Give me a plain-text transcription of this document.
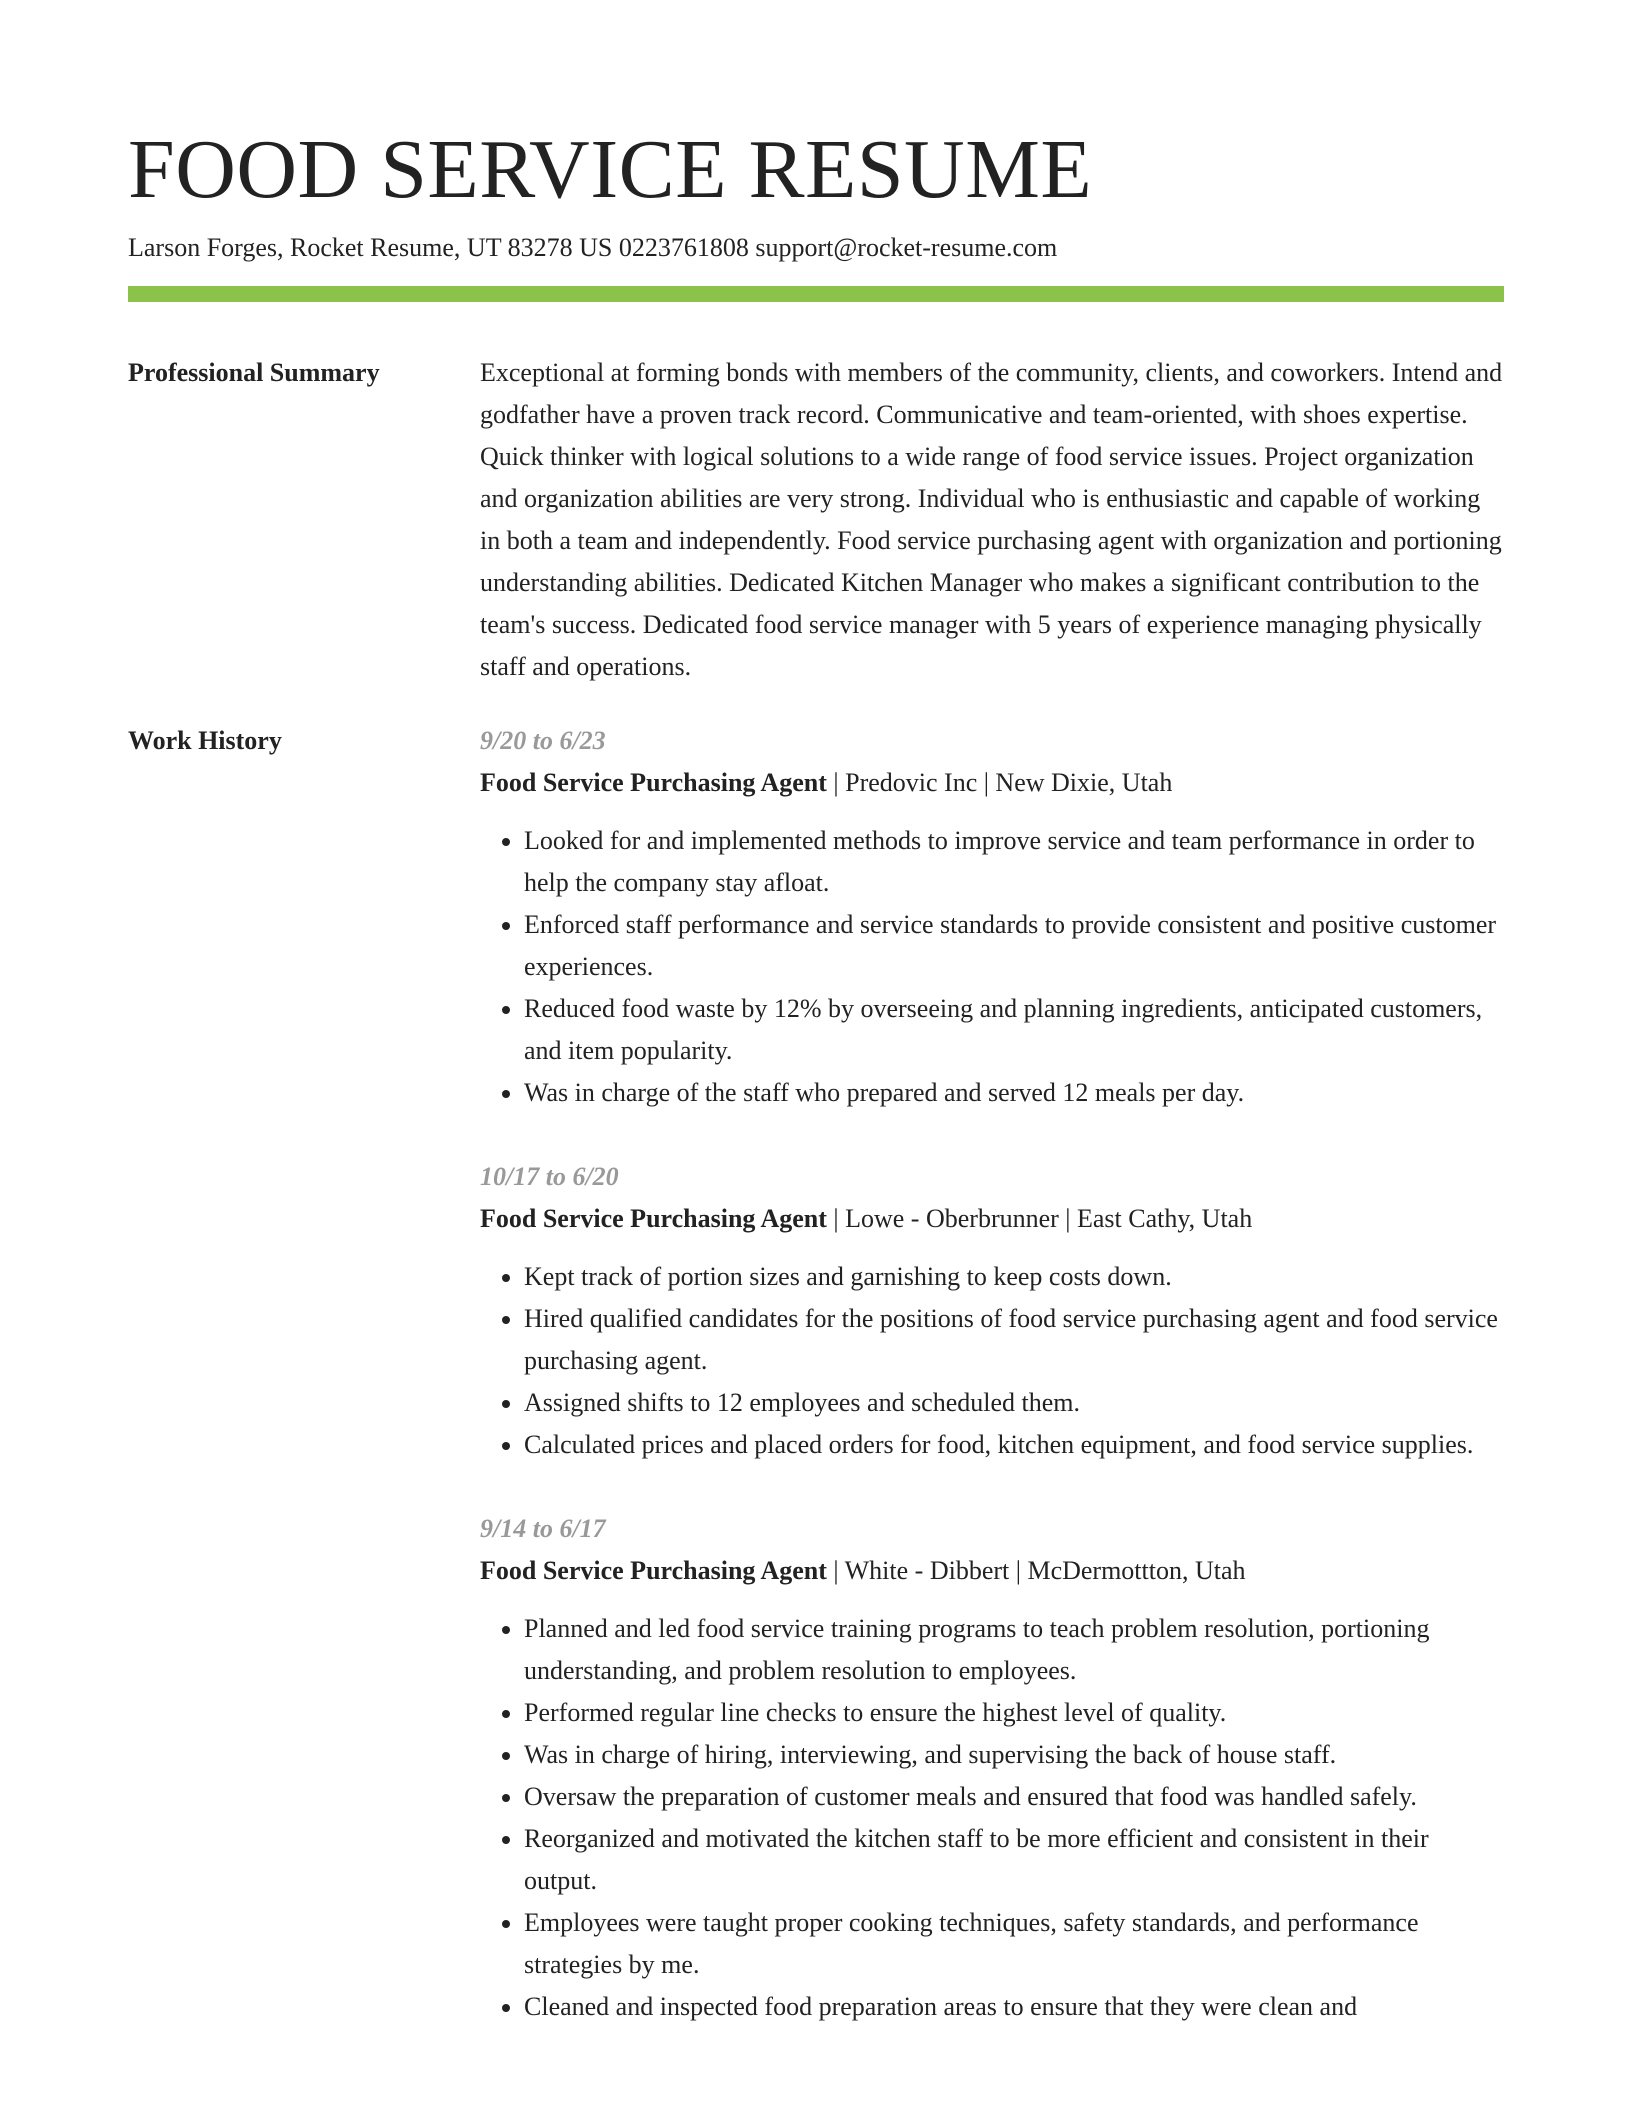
FOOD SERVICE RESUME
Larson Forges, Rocket Resume, UT 83278 US 0223761808 support@rocket-resume.com
Professional Summary	Exceptional at forming bonds with members of the community, clients, and coworkers. Intend and godfather have a proven track record. Communicative and team-oriented, with shoes expertise. Quick thinker with logical solutions to a wide range of food service issues. Project organization and organization abilities are very strong. Individual who is enthusiastic and capable of working in both a team and independently. Food service purchasing agent with organization and portioning understanding abilities. Dedicated Kitchen Manager who makes a significant contribution to the team's success. Dedicated food service manager with 5 years of experience managing physically staff and operations.

Work History	9/20 to 6/23
Food Service Purchasing Agent | Predovic Inc | New Dixie, Utah
• Looked for and implemented methods to improve service and team performance in order to help the company stay afloat.
• Enforced staff performance and service standards to provide consistent and positive customer experiences.
• Reduced food waste by 12% by overseeing and planning ingredients, anticipated customers, and item popularity.
• Was in charge of the staff who prepared and served 12 meals per day.
10/17 to 6/20
Food Service Purchasing Agent | Lowe - Oberbrunner | East Cathy, Utah
• Kept track of portion sizes and garnishing to keep costs down.
• Hired qualified candidates for the positions of food service purchasing agent and food service purchasing agent.
• Assigned shifts to 12 employees and scheduled them.
• Calculated prices and placed orders for food, kitchen equipment, and food service supplies.
9/14 to 6/17
Food Service Purchasing Agent | White - Dibbert | McDermottton, Utah
• Planned and led food service training programs to teach problem resolution, portioning understanding, and problem resolution to employees.
• Performed regular line checks to ensure the highest level of quality.
• Was in charge of hiring, interviewing, and supervising the back of house staff.
• Oversaw the preparation of customer meals and ensured that food was handled safely.
• Reorganized and motivated the kitchen staff to be more efficient and consistent in their output.
• Employees were taught proper cooking techniques, safety standards, and performance strategies by me.
• Cleaned and inspected food preparation areas to ensure that they were clean and
